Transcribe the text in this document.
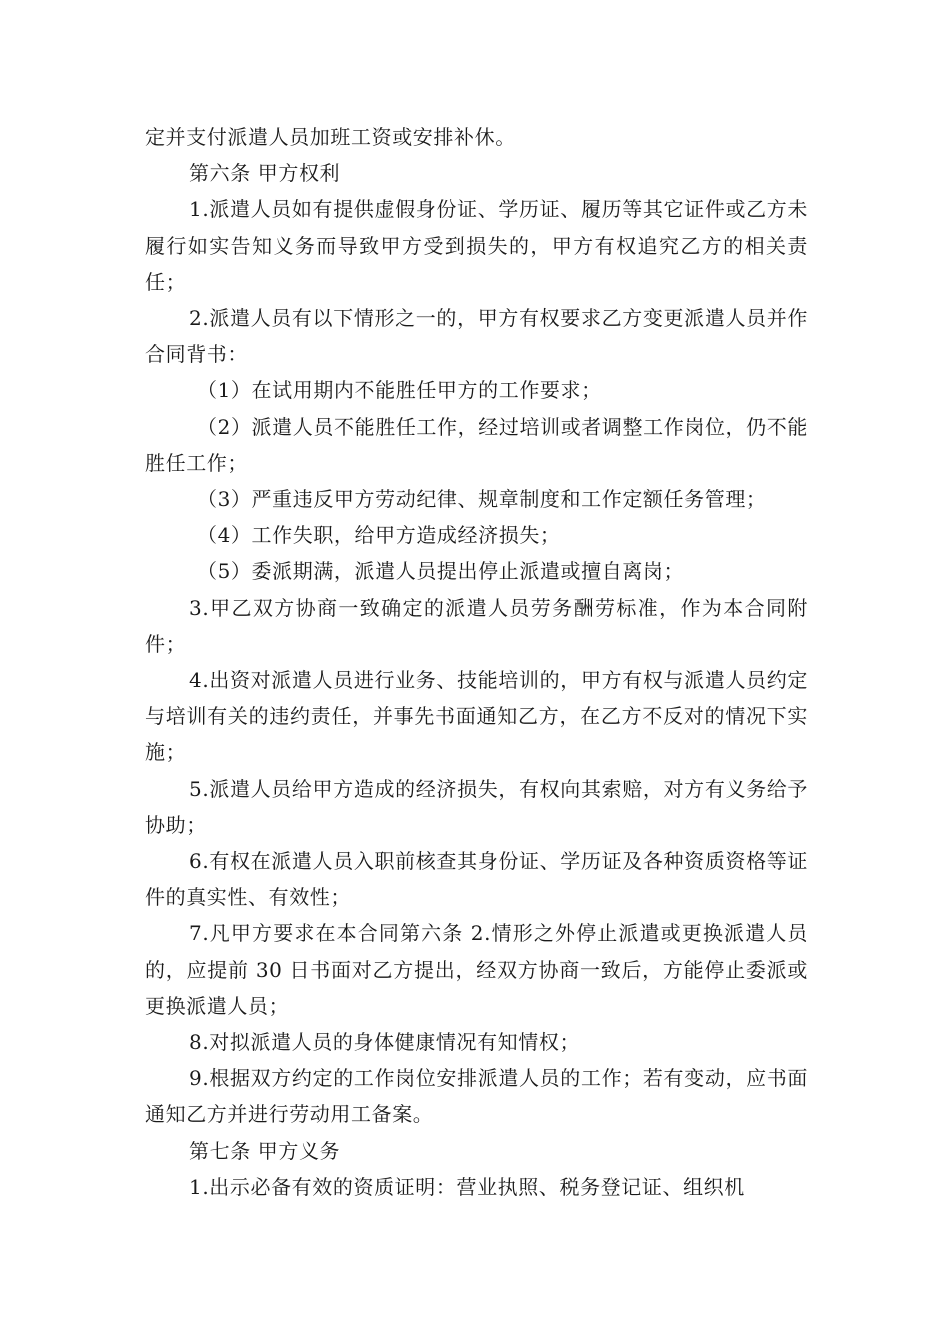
定并支付派遣人员加班工资或安排补休。

第六条 甲方权利

1.派遣人员如有提供虚假身份证、学历证、履历等其它证件或乙方未履行如实告知义务而导致甲方受到损失的，甲方有权追究乙方的相关责任；

2.派遣人员有以下情形之一的，甲方有权要求乙方变更派遣人员并作合同背书：

（1）在试用期内不能胜任甲方的工作要求；

（2）派遣人员不能胜任工作，经过培训或者调整工作岗位，仍不能胜任工作；

（3）严重违反甲方劳动纪律、规章制度和工作定额任务管理；

（4）工作失职，给甲方造成经济损失；

（5）委派期满，派遣人员提出停止派遣或擅自离岗；

3.甲乙双方协商一致确定的派遣人员劳务酬劳标准，作为本合同附件；

4.出资对派遣人员进行业务、技能培训的，甲方有权与派遣人员约定与培训有关的违约责任，并事先书面通知乙方，在乙方不反对的情况下实施；

5.派遣人员给甲方造成的经济损失，有权向其索赔，对方有义务给予协助；

6.有权在派遣人员入职前核查其身份证、学历证及各种资质资格等证件的真实性、有效性；

7.凡甲方要求在本合同第六条 2.情形之外停止派遣或更换派遣人员的，应提前 30 日书面对乙方提出，经双方协商一致后，方能停止委派或更换派遣人员；

8.对拟派遣人员的身体健康情况有知情权；

9.根据双方约定的工作岗位安排派遣人员的工作；若有变动，应书面通知乙方并进行劳动用工备案。

第七条 甲方义务

1.出示必备有效的资质证明：营业执照、税务登记证、组织机
